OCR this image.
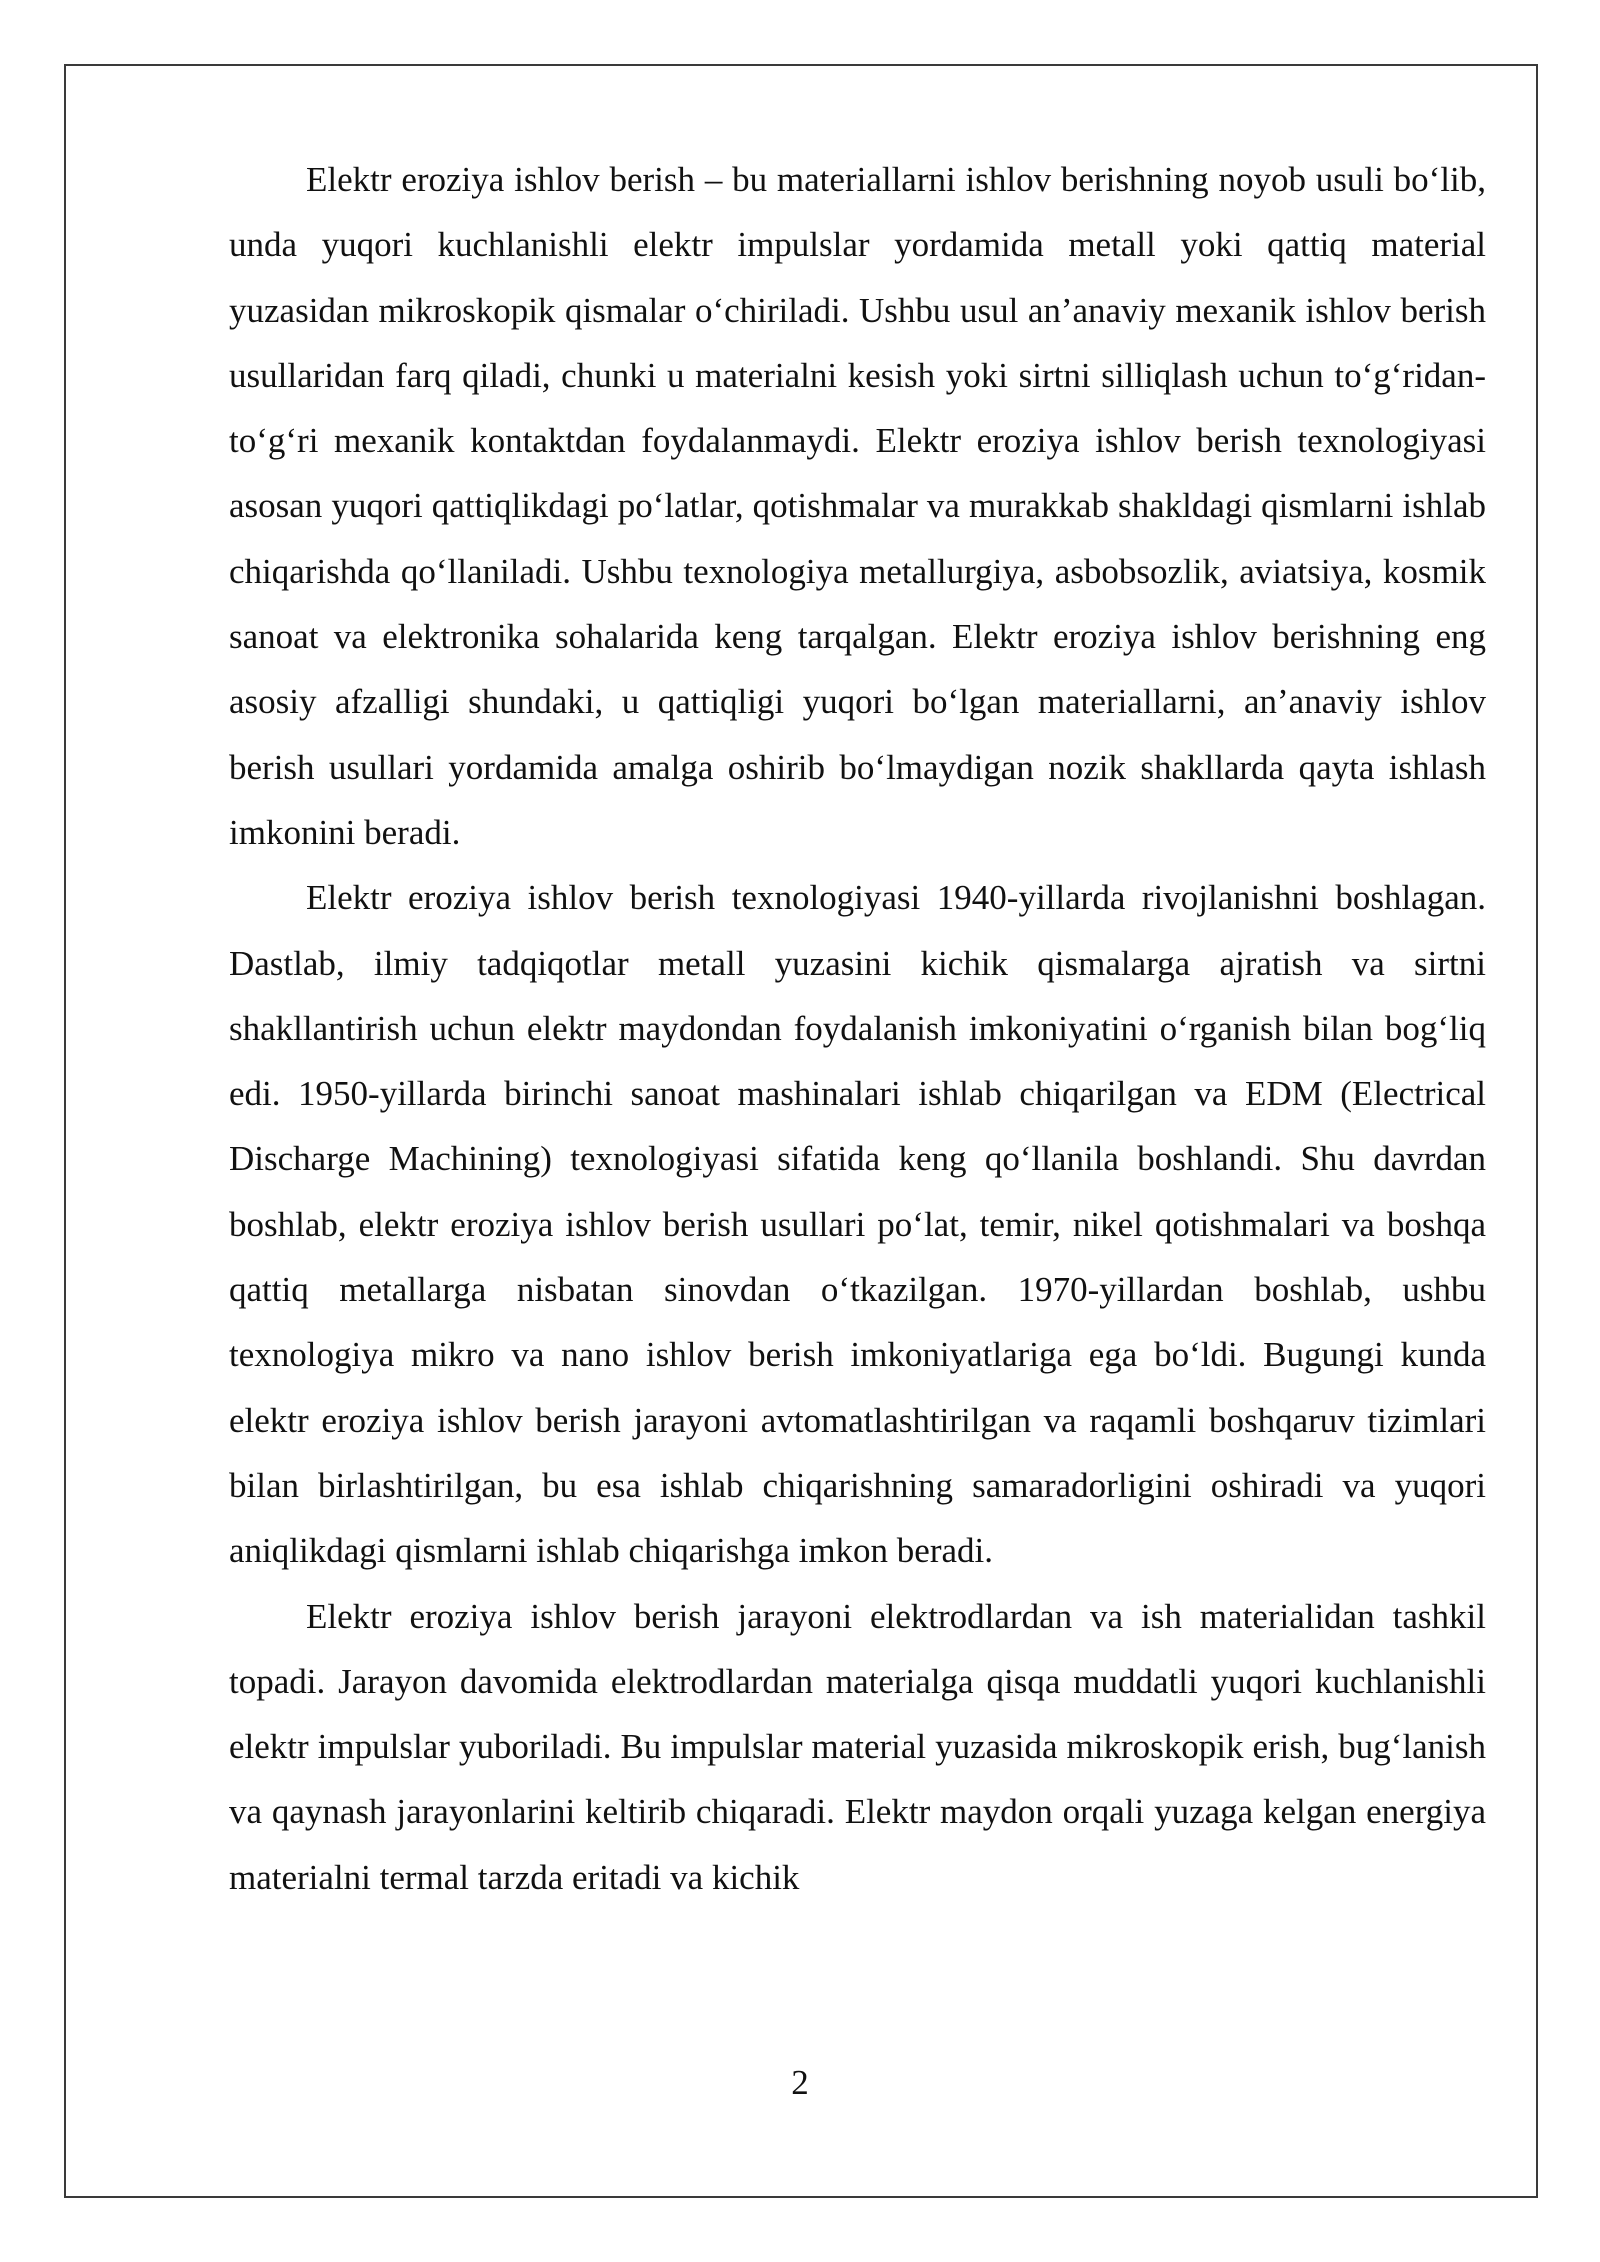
Elektr eroziya ishlov berish – bu materiallarni ishlov berishning noyob usuli bo‘lib, unda yuqori kuchlanishli elektr impulslar yordamida metall yoki qattiq material yuzasidan mikroskopik qismalar o‘chiriladi. Ushbu usul an’anaviy mexanik ishlov berish usullaridan farq qiladi, chunki u materialni kesish yoki sirtni silliqlash uchun to‘g‘ridan-to‘g‘ri mexanik kontaktdan foydalanmaydi. Elektr eroziya ishlov berish texnologiyasi asosan yuqori qattiqlikdagi po‘latlar, qotishmalar va murakkab shakldagi qismlarni ishlab chiqarishda qo‘llaniladi. Ushbu texnologiya metallurgiya, asbobsozlik, aviatsiya, kosmik sanoat va elektronika sohalarida keng tarqalgan. Elektr eroziya ishlov berishning eng asosiy afzalligi shundaki, u qattiqligi yuqori bo‘lgan materiallarni, an’anaviy ishlov berish usullari yordamida amalga oshirib bo‘lmaydigan nozik shakllarda qayta ishlash imkonini beradi.

Elektr eroziya ishlov berish texnologiyasi 1940-yillarda rivojlanishni boshlagan. Dastlab, ilmiy tadqiqotlar metall yuzasini kichik qismalarga ajratish va sirtni shakllantirish uchun elektr maydondan foydalanish imkoniyatini o‘rganish bilan bog‘liq edi. 1950-yillarda birinchi sanoat mashinalari ishlab chiqarilgan va EDM (Electrical Discharge Machining) texnologiyasi sifatida keng qo‘llanila boshlandi. Shu davrdan boshlab, elektr eroziya ishlov berish usullari po‘lat, temir, nikel qotishmalari va boshqa qattiq metallarga nisbatan sinovdan o‘tkazilgan. 1970-yillardan boshlab, ushbu texnologiya mikro va nano ishlov berish imkoniyatlariga ega bo‘ldi. Bugungi kunda elektr eroziya ishlov berish jarayoni avtomatlashtirilgan va raqamli boshqaruv tizimlari bilan birlashtirilgan, bu esa ishlab chiqarishning samaradorligini oshiradi va yuqori aniqlikdagi qismlarni ishlab chiqarishga imkon beradi.

Elektr eroziya ishlov berish jarayoni elektrodlardan va ish materialidan tashkil topadi. Jarayon davomida elektrodlardan materialga qisqa muddatli yuqori kuchlanishli elektr impulslar yuboriladi. Bu impulslar material yuzasida mikroskopik erish, bug‘lanish va qaynash jarayonlarini keltirib chiqaradi. Elektr maydon orqali yuzaga kelgan energiya materialni termal tarzda eritadi va kichik

2
